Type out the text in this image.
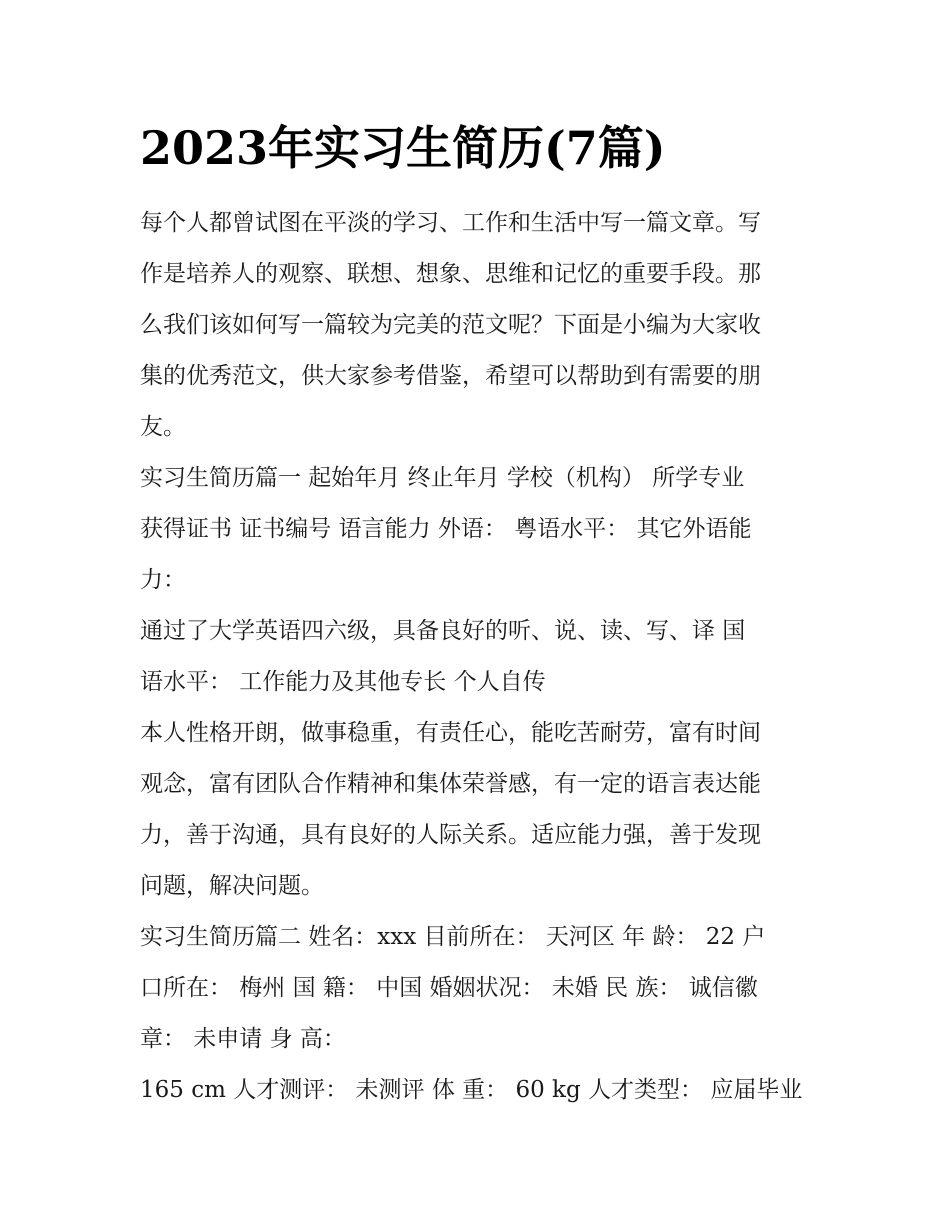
2023年实习生简历(7篇)
每个人都曾试图在平淡的学习、工作和生活中写一篇文章。写
作是培养人的观察、联想、想象、思维和记忆的重要手段。那
么我们该如何写一篇较为完美的范文呢？下面是小编为大家收
集的优秀范文，供大家参考借鉴，希望可以帮助到有需要的朋
友。
实习生简历篇一 起始年月 终止年月 学校（机构） 所学专业
获得证书 证书编号 语言能力 外语： 粤语水平： 其它外语能
力：
通过了大学英语四六级，具备良好的听、说、读、写、译 国
语水平： 工作能力及其他专长 个人自传
本人性格开朗，做事稳重，有责任心，能吃苦耐劳，富有时间
观念，富有团队合作精神和集体荣誉感，有一定的语言表达能
力，善于沟通，具有良好的人际关系。适应能力强，善于发现
问题，解决问题。
实习生简历篇二 姓名：xxx 目前所在： 天河区 年 龄： 22 户
口所在： 梅州 国 籍： 中国 婚姻状况： 未婚 民 族： 诚信徽
章： 未申请 身 高：
165 cm 人才测评： 未测评 体 重： 60 kg 人才类型： 应届毕业
